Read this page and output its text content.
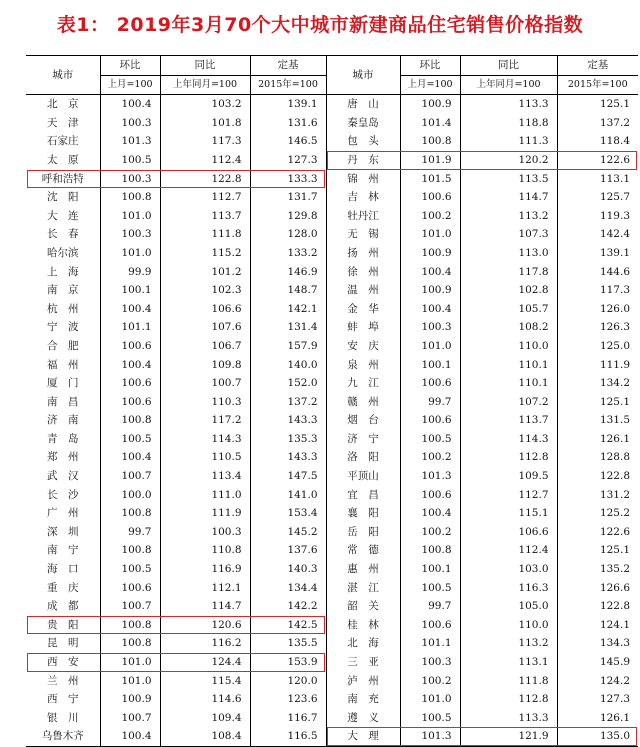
表1： 2019年3月70个大中城市新建商品住宅销售价格指数
城市	环比	同比	定基	城市	环比	同比	定基
	上月=100	上年同月=100	2015年=100		上月=100	上年同月=100	2015年=100
北　京	100.4	103.2	139.1	唐　山	100.9	113.3	125.1
天　津	100.3	101.8	131.6	秦皇岛	101.4	118.8	137.2
石家庄	101.3	117.3	146.5	包　头	100.8	111.3	118.4
太　原	100.5	112.4	127.3	丹　东	101.9	120.2	122.6
呼和浩特	100.3	122.8	133.3	锦　州	101.5	113.5	113.1
沈　阳	100.8	112.7	131.7	吉　林	100.6	114.7	125.7
大　连	101.0	113.7	129.8	牡丹江	100.2	113.2	119.3
长　春	100.3	111.8	128.0	无　锡	101.0	107.3	142.4
哈尔滨	101.0	115.2	133.2	扬　州	100.9	113.0	139.1
上　海	99.9	101.2	146.9	徐　州	100.4	117.8	144.6
南　京	100.1	102.3	148.7	温　州	100.9	102.8	117.3
杭　州	100.4	106.6	142.1	金　华	100.4	105.7	126.0
宁　波	101.1	107.6	131.4	蚌　埠	100.3	108.2	126.3
合　肥	100.6	106.7	157.9	安　庆	101.0	110.0	125.0
福　州	100.4	109.8	140.0	泉　州	100.1	110.1	111.9
厦　门	100.6	100.7	152.0	九　江	100.6	110.1	134.2
南　昌	100.6	110.3	137.2	赣　州	99.7	107.2	125.1
济　南	100.8	117.2	143.3	烟　台	100.6	113.7	131.5
青　岛	100.5	114.3	135.3	济　宁	100.5	114.3	126.1
郑　州	100.4	110.5	143.3	洛　阳	100.2	112.8	128.8
武　汉	100.7	113.4	147.5	平顶山	101.3	109.5	122.8
长　沙	100.0	111.0	141.0	宜　昌	100.6	112.7	131.2
广　州	100.8	111.9	153.4	襄　阳	100.4	115.1	125.2
深　圳	99.7	100.3	145.2	岳　阳	100.2	106.6	122.6
南　宁	100.8	110.8	137.6	常　德	100.8	112.4	125.1
海　口	100.5	116.9	140.3	惠　州	100.1	103.0	135.2
重　庆	100.6	112.1	134.4	湛　江	100.5	116.3	126.6
成　都	100.7	114.7	142.2	韶　关	99.7	105.0	122.8
贵　阳	100.8	120.6	142.5	桂　林	100.6	110.0	124.1
昆　明	100.8	116.2	135.5	北　海	101.1	113.2	134.3
西　安	101.0	124.4	153.9	三　亚	100.3	113.1	145.9
兰　州	101.0	115.4	120.0	泸　州	100.2	111.8	124.2
西　宁	100.9	114.6	123.6	南　充	101.0	112.8	127.3
银　川	100.7	109.4	116.7	遵　义	100.5	113.3	126.1
乌鲁木齐	100.4	108.4	116.5	大　理	101.3	121.9	135.0
